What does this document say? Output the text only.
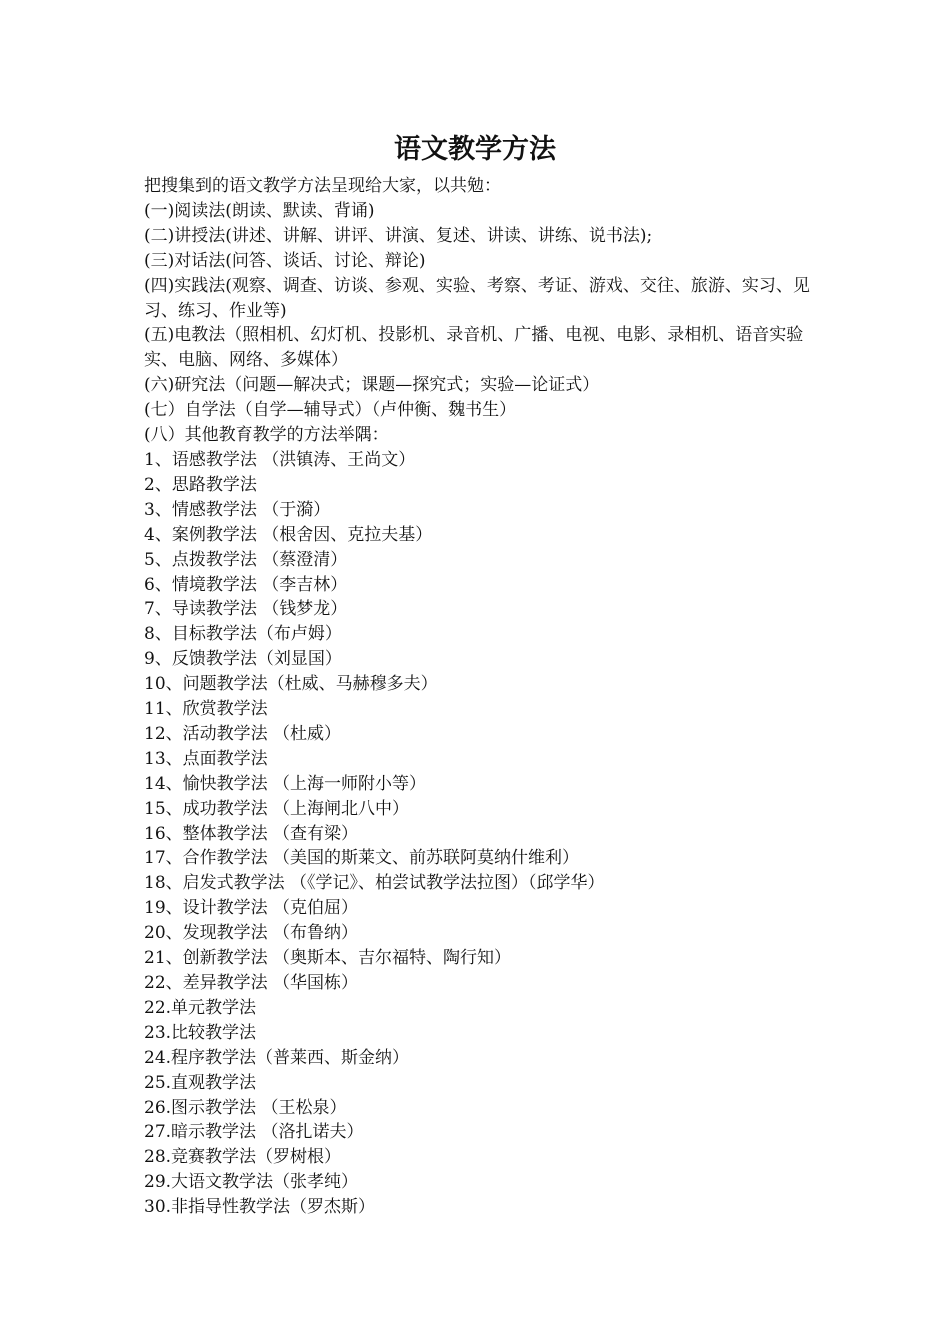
语文教学方法
把搜集到的语文教学方法呈现给大家，以共勉：
(一)阅读法(朗读、默读、背诵)
(二)讲授法(讲述、讲解、讲评、讲演、复述、讲读、讲练、说书法);
(三)对话法(问答、谈话、讨论、辩论)
(四)实践法(观察、调查、访谈、参观、实验、考察、考证、游戏、交往、旅游、实习、见习、练习、作业等)
(五)电教法（照相机、幻灯机、投影机、录音机、广播、电视、电影、录相机、语音实验实、电脑、网络、多媒体）
(六)研究法（问题—解决式；课题—探究式；实验—论证式）
(七）自学法（自学—辅导式）（卢仲衡、魏书生）
(八）其他教育教学的方法举隅：
1、语感教学法 （洪镇涛、王尚文）
2、思路教学法
3、情感教学法 （于漪）
4、案例教学法 （根舍因、克拉夫基）
5、点拨教学法 （蔡澄清）
6、情境教学法 （李吉林）
7、导读教学法 （钱梦龙）
8、目标教学法（布卢姆）
9、反馈教学法（刘显国）
10、问题教学法（杜威、马赫穆多夫）
11、欣赏教学法
12、活动教学法 （杜威）
13、点面教学法
14、愉快教学法 （上海一师附小等）
15、成功教学法 （上海闸北八中）
16、整体教学法 （查有梁）
17、合作教学法 （美国的斯莱文、前苏联阿莫纳什维利）
18、启发式教学法 （《学记》、柏尝试教学法拉图）（邱学华）
19、设计教学法 （克伯屈）
20、发现教学法 （布鲁纳）
21、创新教学法 （奥斯本、吉尔福特、陶行知）
22、差异教学法 （华国栋）
22.单元教学法
23.比较教学法
24.程序教学法（普莱西、斯金纳）
25.直观教学法
26.图示教学法 （王松泉）
27.暗示教学法 （洛扎诺夫）
28.竞赛教学法（罗树根）
29.大语文教学法（张孝纯）
30.非指导性教学法（罗杰斯）
